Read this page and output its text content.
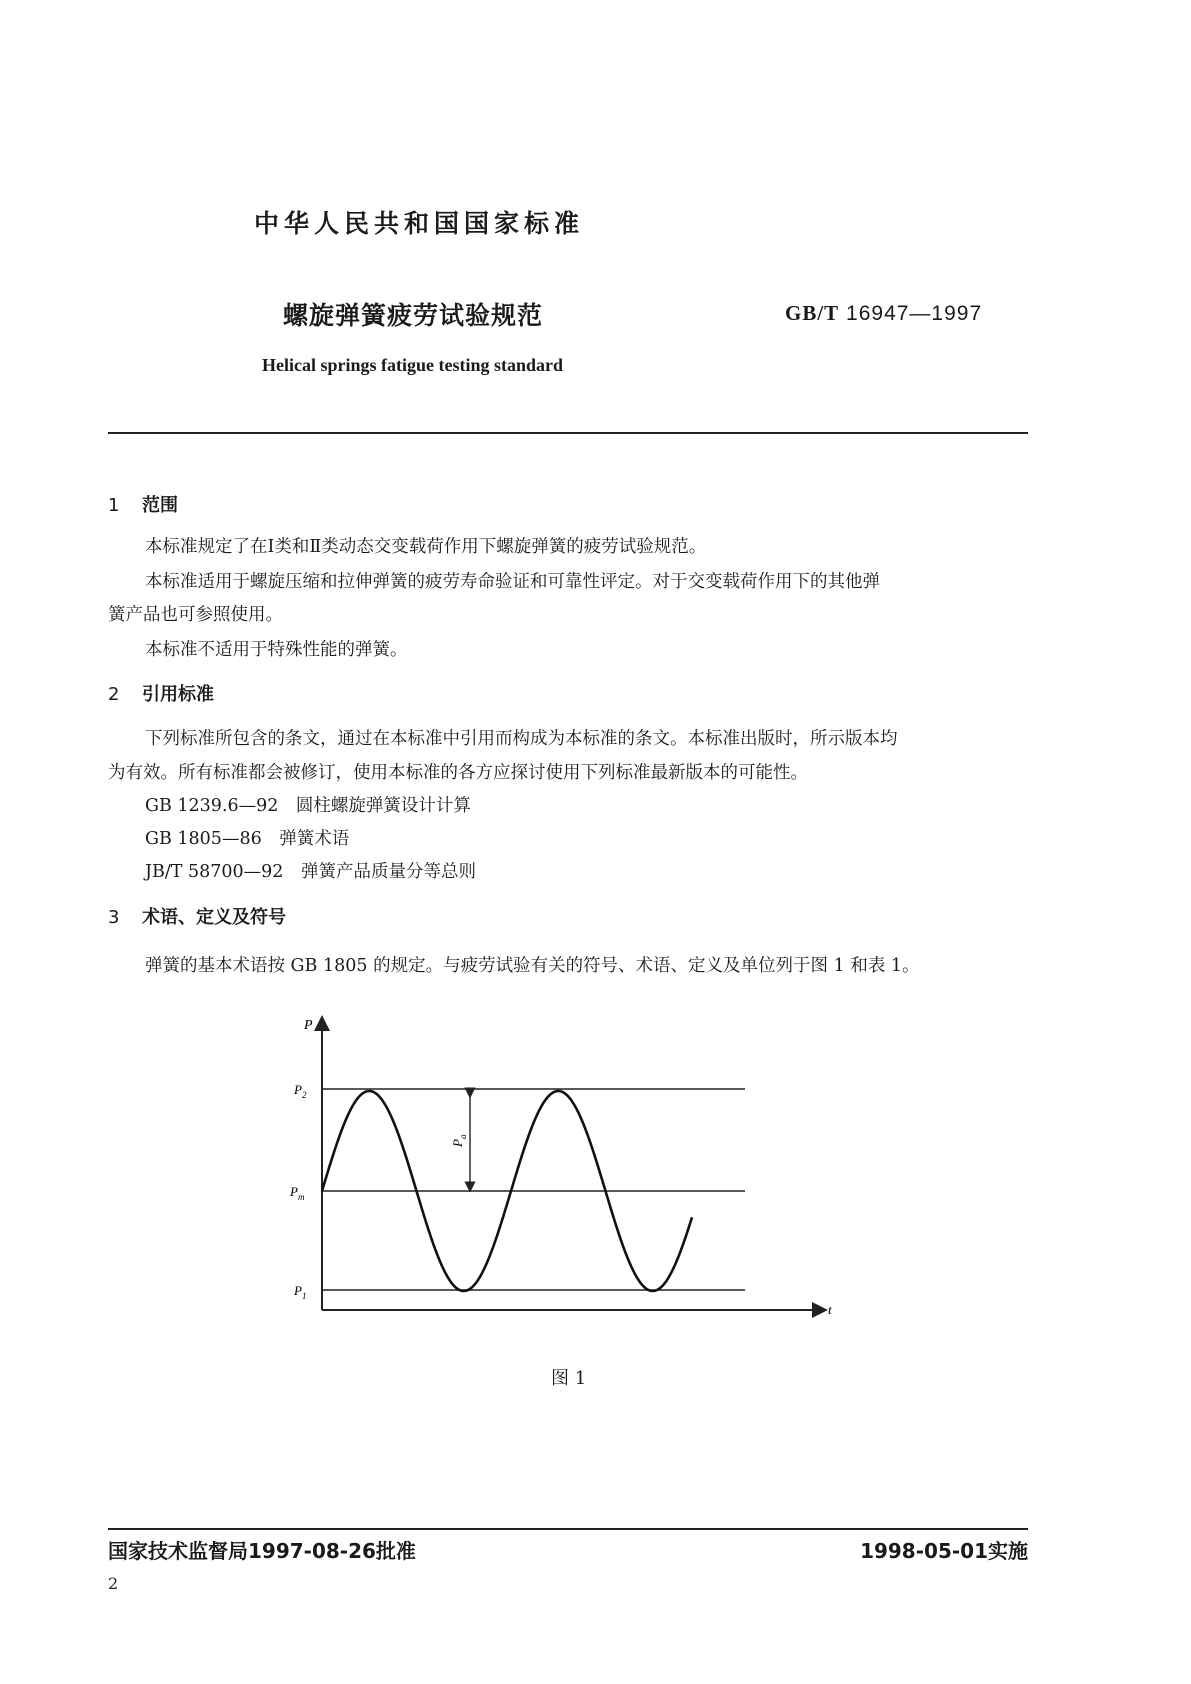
中华人民共和国国家标准
螺旋弹簧疲劳试验规范	GB/T 16947—1997
Helical springs fatigue testing standard
1 范围
本标准规定了在Ⅰ类和Ⅱ类动态交变载荷作用下螺旋弹簧的疲劳试验规范。
本标准适用于螺旋压缩和拉伸弹簧的疲劳寿命验证和可靠性评定。对于交变载荷作用下的其他弹
簧产品也可参照使用。
本标准不适用于特殊性能的弹簧。
2 引用标准
下列标准所包含的条文，通过在本标准中引用而构成为本标准的条文。本标准出版时，所示版本均
为有效。所有标准都会被修订，使用本标准的各方应探讨使用下列标准最新版本的可能性。
GB 1239.6—92　圆柱螺旋弹簧设计计算
GB 1805—86　弹簧术语
JB/T 58700—92　弹簧产品质量分等总则
3 术语、定义及符号
弹簧的基本术语按 GB 1805 的规定。与疲劳试验有关的符号、术语、定义及单位列于图 1 和表 1。
P
t
$P_2$
$P_m$
$P_1$
$P_a$
图 1
国家技术监督局1997-08-26批准	1998-05-01实施
2
